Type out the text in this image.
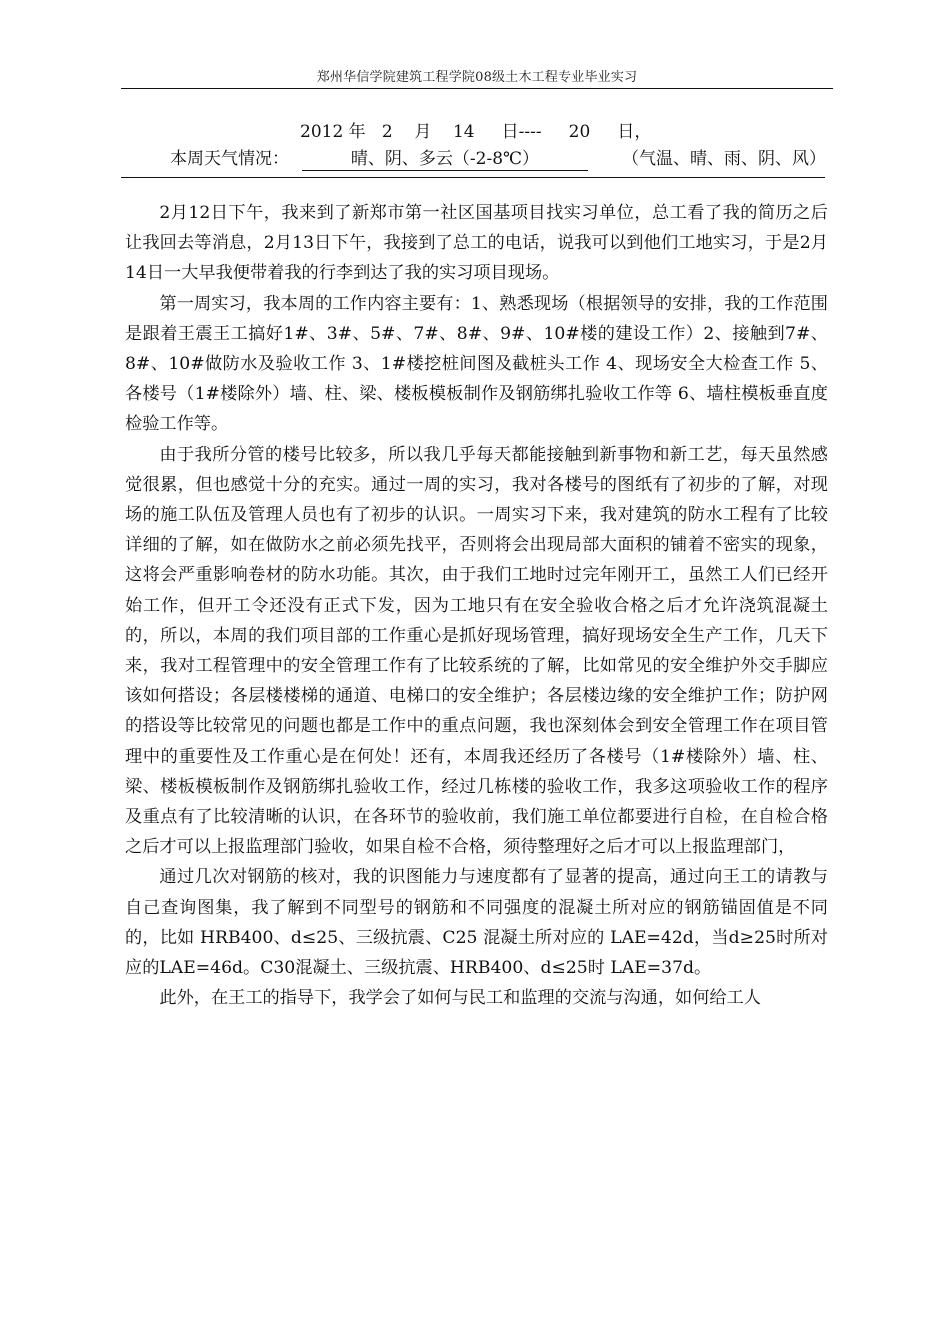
郑州华信学院建筑工程学院08级土木工程专业毕业实习
2012 年 2 月 14 日---- 20 日，
本周天气情况：	晴、阴、多云（-2-8℃）	（气温、晴、雨、阴、风）

2月12日下午，我来到了新郑市第一社区国基项目找实习单位，总工看了我的简历之后让我回去等消息，2月13日下午，我接到了总工的电话，说我可以到他们工地实习，于是2月14日一大早我便带着我的行李到达了我的实习项目现场。

第一周实习，我本周的工作内容主要有：1、熟悉现场（根据领导的安排，我的工作范围是跟着王震王工搞好1#、3#、5#、7#、8#、9#、10#楼的建设工作）2、接触到7#、8#、10#做防水及验收工作 3、1#楼挖桩间图及截桩头工作 4、现场安全大检查工作 5、各楼号（1#楼除外）墙、柱、梁、楼板模板制作及钢筋绑扎验收工作等 6、墙柱模板垂直度检验工作等。

由于我所分管的楼号比较多，所以我几乎每天都能接触到新事物和新工艺，每天虽然感觉很累，但也感觉十分的充实。通过一周的实习，我对各楼号的图纸有了初步的了解，对现场的施工队伍及管理人员也有了初步的认识。一周实习下来，我对建筑的防水工程有了比较详细的了解，如在做防水之前必须先找平，否则将会出现局部大面积的铺着不密实的现象，这将会严重影响卷材的防水功能。其次，由于我们工地时过完年刚开工，虽然工人们已经开始工作，但开工令还没有正式下发，因为工地只有在安全验收合格之后才允许浇筑混凝土的，所以，本周的我们项目部的工作重心是抓好现场管理，搞好现场安全生产工作，几天下来，我对工程管理中的安全管理工作有了比较系统的了解，比如常见的安全维护外交手脚应该如何搭设；各层楼楼梯的通道、电梯口的安全维护；各层楼边缘的安全维护工作；防护网的搭设等比较常见的问题也都是工作中的重点问题，我也深刻体会到安全管理工作在项目管理中的重要性及工作重心是在何处！还有，本周我还经历了各楼号（1#楼除外）墙、柱、梁、楼板模板制作及钢筋绑扎验收工作，经过几栋楼的验收工作，我多这项验收工作的程序及重点有了比较清晰的认识，在各环节的验收前，我们施工单位都要进行自检，在自检合格之后才可以上报监理部门验收，如果自检不合格，须待整理好之后才可以上报监理部门，

通过几次对钢筋的核对，我的识图能力与速度都有了显著的提高，通过向王工的请教与自己查询图集，我了解到不同型号的钢筋和不同强度的混凝土所对应的钢筋锚固值是不同的，比如 HRB400、d≤25、三级抗震、C25 混凝土所对应的 LAE=42d，当d≥25时所对应的LAE=46d。C30混凝土、三级抗震、HRB400、d≤25时 LAE=37d。

此外，在王工的指导下，我学会了如何与民工和监理的交流与沟通，如何给工人
